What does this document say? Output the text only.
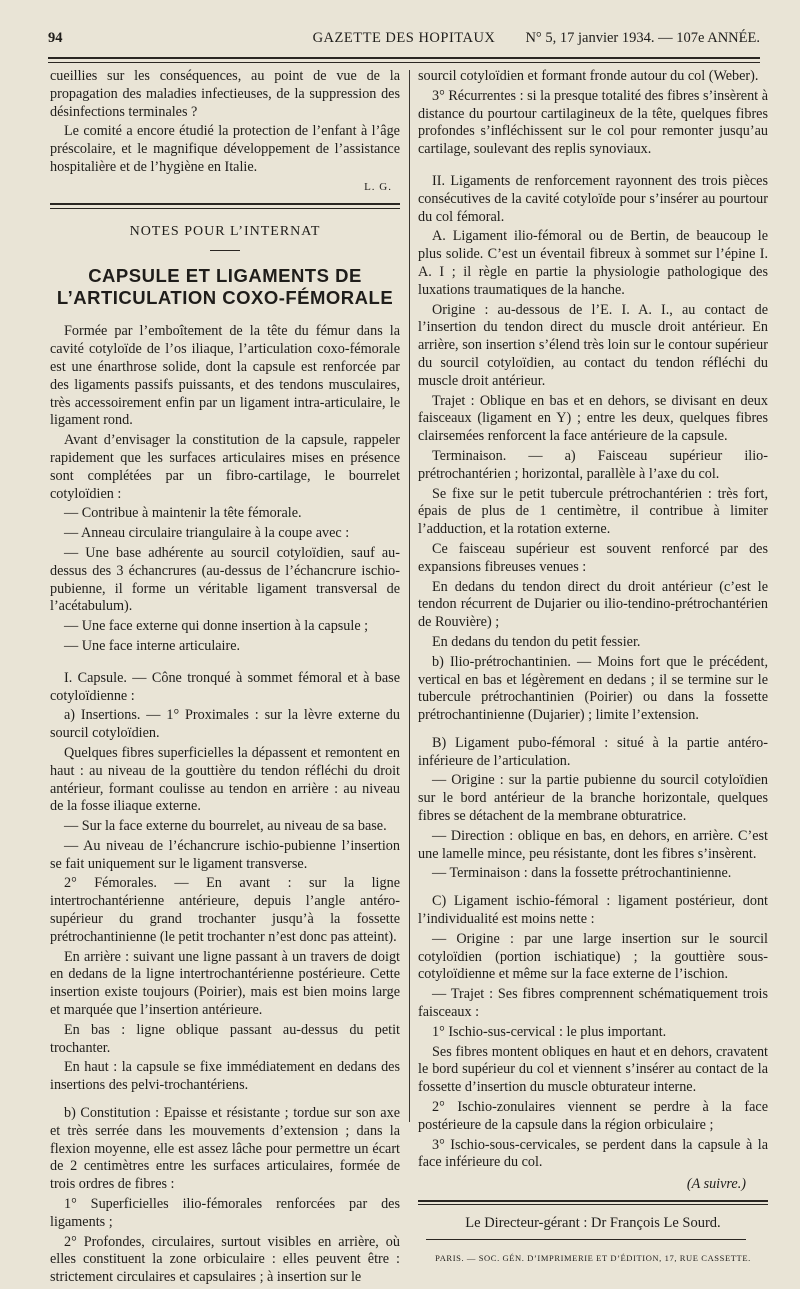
94	GAZETTE DES HOPITAUX	N° 5, 17 janvier 1934. — 107e ANNÉE.

cueillies sur les conséquences, au point de vue de la propagation des maladies infectieuses, de la suppression des désinfections terminales ?

Le comité a encore étudié la protection de l’enfant à l’âge préscolaire, et le magnifique développement de l’assistance hospitalière et de l’hygiène en Italie.

L. G.
NOTES POUR L’INTERNAT
CAPSULE ET LIGAMENTS DE L’ARTICULATION COXO-FÉMORALE

Formée par l’emboîtement de la tête du fémur dans la cavité cotyloïde de l’os iliaque, l’articulation coxo-fémorale est une énarthrose solide, dont la capsule est renforcée par des ligaments passifs puissants, et des tendons musculaires, très accessoirement enfin par un ligament intra-articulaire, le ligament rond.

Avant d’envisager la constitution de la capsule, rappeler rapidement que les surfaces articulaires mises en présence sont complétées par un fibro-cartilage, le bourrelet cotyloïdien :

— Contribue à maintenir la tête fémorale.

— Anneau circulaire triangulaire à la coupe avec :

— Une base adhérente au sourcil cotyloïdien, sauf au-dessus des 3 échancrures (au-dessus de l’échancrure ischio-pubienne, il forme un véritable ligament transversal de l’acétabulum).

— Une face externe qui donne insertion à la capsule ;

— Une face interne articulaire.

I. Capsule. — Cône tronqué à sommet fémoral et à base cotyloïdienne :

a) Insertions. — 1° Proximales : sur la lèvre externe du sourcil cotyloïdien.

Quelques fibres superficielles la dépassent et remontent en haut : au niveau de la gouttière du tendon réfléchi du droit antérieur, formant coulisse au tendon en arrière : au niveau de la fosse iliaque externe.

— Sur la face externe du bourrelet, au niveau de sa base.

— Au niveau de l’échancrure ischio-pubienne l’insertion se fait uniquement sur le ligament transverse.

2° Fémorales. — En avant : sur la ligne intertrochantérienne antérieure, depuis l’angle antéro-supérieur du grand trochanter jusqu’à la fossette prétrochantinienne (le petit trochanter n’est donc pas atteint).

En arrière : suivant une ligne passant à un travers de doigt en dedans de la ligne intertrochantérienne postérieure. Cette insertion existe toujours (Poirier), mais est bien moins large et marquée que l’insertion antérieure.

En bas : ligne oblique passant au-dessus du petit trochanter.

En haut : la capsule se fixe immédiatement en dedans des insertions des pelvi-trochantériens.

b) Constitution : Epaisse et résistante ; tordue sur son axe et très serrée dans les mouvements d’extension ; dans la flexion moyenne, elle est assez lâche pour permettre un écart de 2 centimètres entre les surfaces articulaires, formée de trois ordres de fibres :

1° Superficielles ilio-fémorales renforcées par des ligaments ;

2° Profondes, circulaires, surtout visibles en arrière, où elles constituent la zone orbiculaire : elles peuvent être : strictement circulaires et capsulaires ; à insertion sur le

sourcil cotyloïdien et formant fronde autour du col (Weber).

3° Récurrentes : si la presque totalité des fibres s’insèrent à distance du pourtour cartilagineux de la tête, quelques fibres profondes s’infléchissent sur le col pour remonter jusqu’au cartilage, soulevant des replis synoviaux.

II. Ligaments de renforcement rayonnent des trois pièces consécutives de la cavité cotyloïde pour s’insérer au pourtour du col fémoral.

A. Ligament ilio-fémoral ou de Bertin, de beaucoup le plus solide. C’est un éventail fibreux à sommet sur l’épine I. A. I ; il règle en partie la physiologie pathologique des luxations traumatiques de la hanche.

Origine : au-dessous de l’E. I. A. I., au contact de l’insertion du tendon direct du muscle droit antérieur. En arrière, son insertion s’élend très loin sur le contour supérieur du sourcil cotyloïdien, au contact du tendon réfléchi du muscle droit antérieur.

Trajet : Oblique en bas et en dehors, se divisant en deux faisceaux (ligament en Y) ; entre les deux, quelques fibres clairsemées renforcent la face antérieure de la capsule.

Terminaison. — a) Faisceau supérieur ilio-prétrochantérien ; horizontal, parallèle à l’axe du col.

Se fixe sur le petit tubercule prétrochantérien : très fort, épais de plus de 1 centimètre, il contribue à limiter l’adduction, et la rotation externe.

Ce faisceau supérieur est souvent renforcé par des expansions fibreuses venues :

En dedans du tendon direct du droit antérieur (c’est le tendon récurrent de Dujarier ou ilio-tendino-prétrochantérien de Rouvière) ;

En dedans du tendon du petit fessier.

b) Ilio-prétrochantinien. — Moins fort que le précédent, vertical en bas et légèrement en dedans ; il se termine sur le tubercule prétrochantinien (Poirier) ou dans la fossette prétrochantinienne (Dujarier) ; limite l’extension.

B) Ligament pubo-fémoral : situé à la partie antéro-inférieure de l’articulation.

— Origine : sur la partie pubienne du sourcil cotyloïdien sur le bord antérieur de la branche horizontale, quelques fibres se détachent de la membrane obturatrice.

— Direction : oblique en bas, en dehors, en arrière. C’est une lamelle mince, peu résistante, dont les fibres s’insèrent.

— Terminaison : dans la fossette prétrochantinienne.

C) Ligament ischio-fémoral : ligament postérieur, dont l’individualité est moins nette :

— Origine : par une large insertion sur le sourcil cotyloïdien (portion ischiatique) ; la gouttière sous-cotyloïdienne et même sur la face externe de l’ischion.

— Trajet : Ses fibres comprennent schématiquement trois faisceaux :

1° Ischio-sus-cervical : le plus important.

Ses fibres montent obliques en haut et en dehors, cravatent le bord supérieur du col et viennent s’insérer au contact de la fossette d’insertion du muscle obturateur interne.

2° Ischio-zonulaires viennent se perdre à la face postérieure de la capsule dans la région orbiculaire ;

3° Ischio-sous-cervicales, se perdent dans la capsule à la face inférieure du col.

(A suivre.)
Le Directeur-gérant : Dr François Le Sourd.
PARIS. — SOC. GÉN. D’IMPRIMERIE ET D’ÉDITION, 17, RUE CASSETTE.
